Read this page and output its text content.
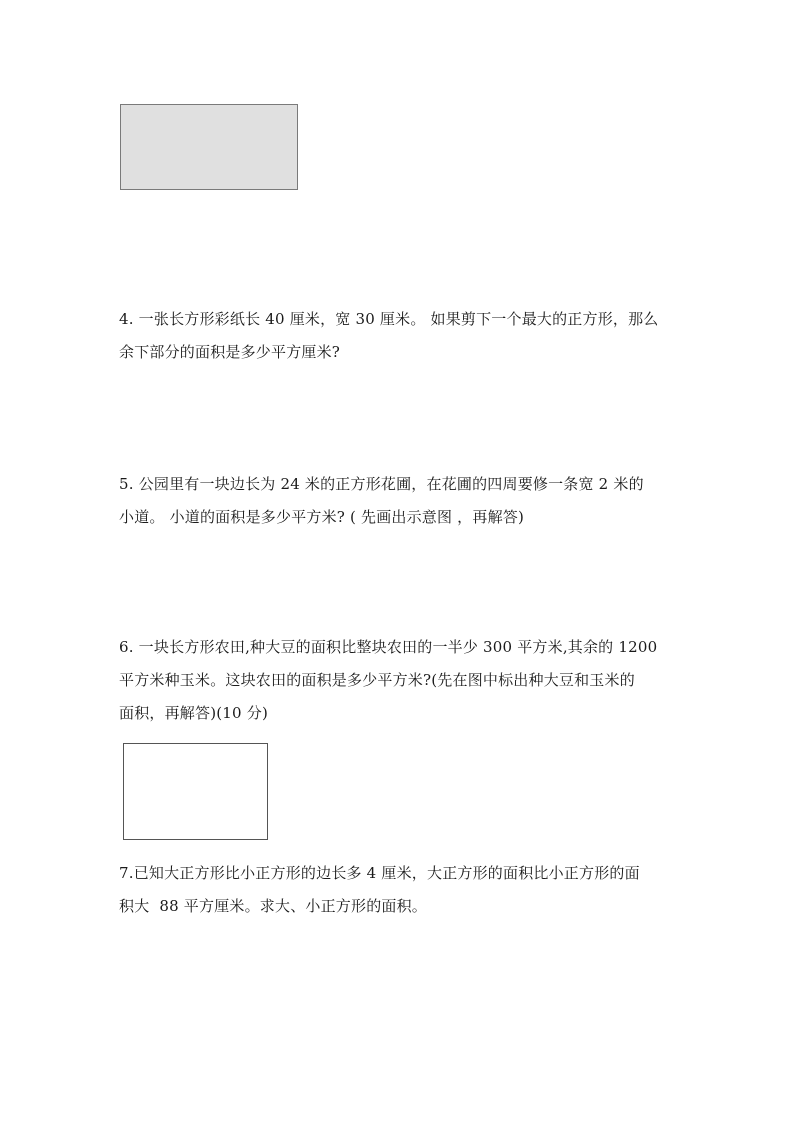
4. 一张长方形彩纸长 40 厘米，宽 30 厘米。 如果剪下一个最大的正方形，那么
余下部分的面积是多少平方厘米?
5. 公园里有一块边长为 24 米的正方形花圃，在花圃的四周要修一条宽 2 米的
小道。 小道的面积是多少平方米? ( 先画出示意图 ，再解答)
6. 一块长方形农田,种大豆的面积比整块农田的一半少 300 平方米,其余的 1200
平方米种玉米。这块农田的面积是多少平方米?(先在图中标出种大豆和玉米的
面积，再解答)(10 分)
7.已知大正方形比小正方形的边长多 4 厘米，大正方形的面积比小正方形的面
积大  88 平方厘米。求大、小正方形的面积。
